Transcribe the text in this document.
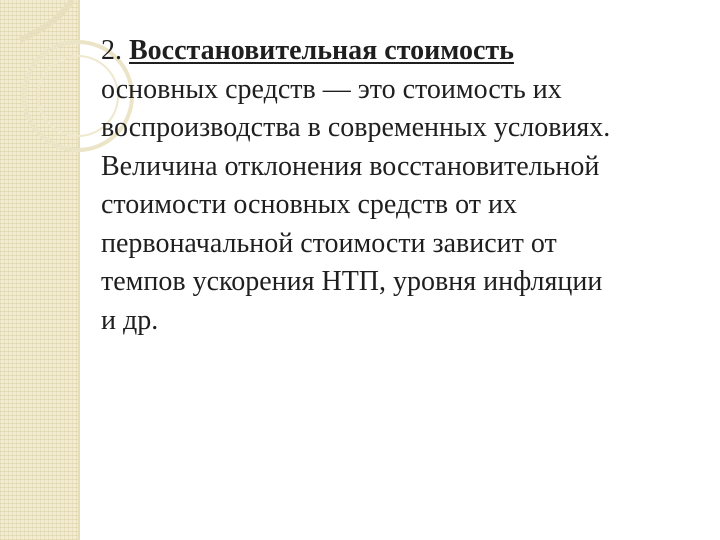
2. Восстановительная стоимость
основных средств — это стоимость их
воспроизводства в современных условиях.
Величина отклонения восстановительной
стоимости основных средств от их
первоначальной стоимости зависит от
темпов ускорения НТП, уровня инфляции
и др.
